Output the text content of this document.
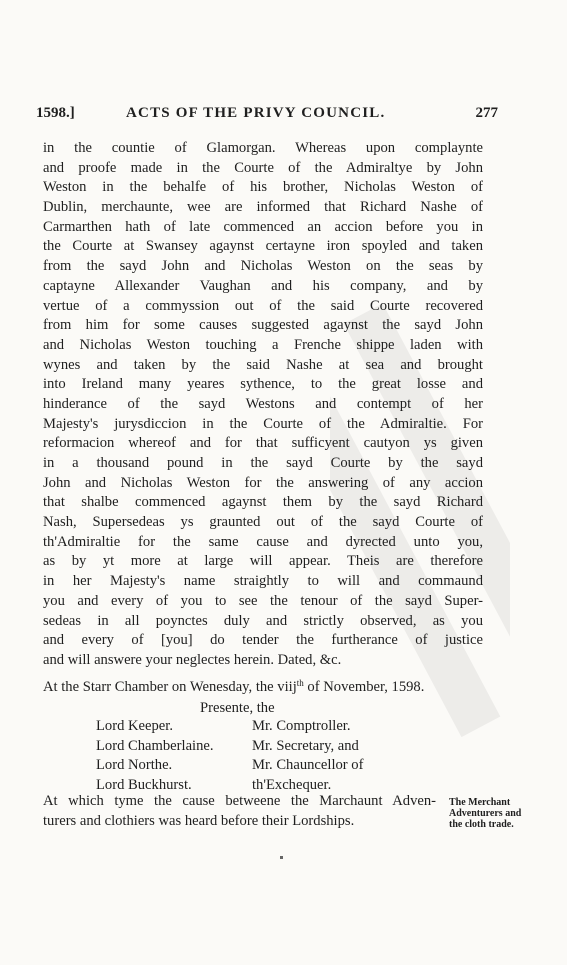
1598.]	ACTS OF THE PRIVY COUNCIL.	277
in the countie of Glamorgan. Whereas upon complaynte
and proofe made in the Courte of the Admiraltye by John
Weston in the behalfe of his brother, Nicholas Weston of
Dublin, merchaunte, wee are informed that Richard Nashe of
Carmarthen hath of late commenced an accion before you in
the Courte at Swansey agaynst certayne iron spoyled and taken
from the sayd John and Nicholas Weston on the seas by
captayne Allexander Vaughan and his company, and by
vertue of a commyssion out of the said Courte recovered
from him for some causes suggested agaynst the sayd John
and Nicholas Weston touching a Frenche shippe laden with
wynes and taken by the said Nashe at sea and brought
into Ireland many yeares sythence, to the great losse and
hinderance of the sayd Westons and contempt of her
Majesty's jurysdiccion in the Courte of the Admiraltie. For
reformacion whereof and for that sufficyent cautyon ys given
in a thousand pound in the sayd Courte by the sayd
John and Nicholas Weston for the answering of any accion
that shalbe commenced agaynst them by the sayd Richard
Nash, Supersedeas ys graunted out of the sayd Courte of
th'Admiraltie for the same cause and dyrected unto you,
as by yt more at large will appear. Theis are therefore
in her Majesty's name straightly to will and commaund
you and every of you to see the tenour of the sayd Super-
sedeas in all poynctes duly and strictly observed, as you
and every of [you] do tender the furtherance of justice
and will answere your neglectes herein. Dated, &c.
At the Starr Chamber on Wenesday, the viij$^{th}$ of November, 1598.
Presente, the
Lord Keeper.	Mr. Comptroller.
Lord Chamberlaine.	Mr. Secretary, and
Lord Northe.	Mr. Chauncellor of
Lord Buckhurst.	th'Exchequer.
At which tyme the cause betweene the Marchaunt Adven-
turers and clothiers was heard before their Lordships.
The Merchant
Adventurers and
the cloth trade.
